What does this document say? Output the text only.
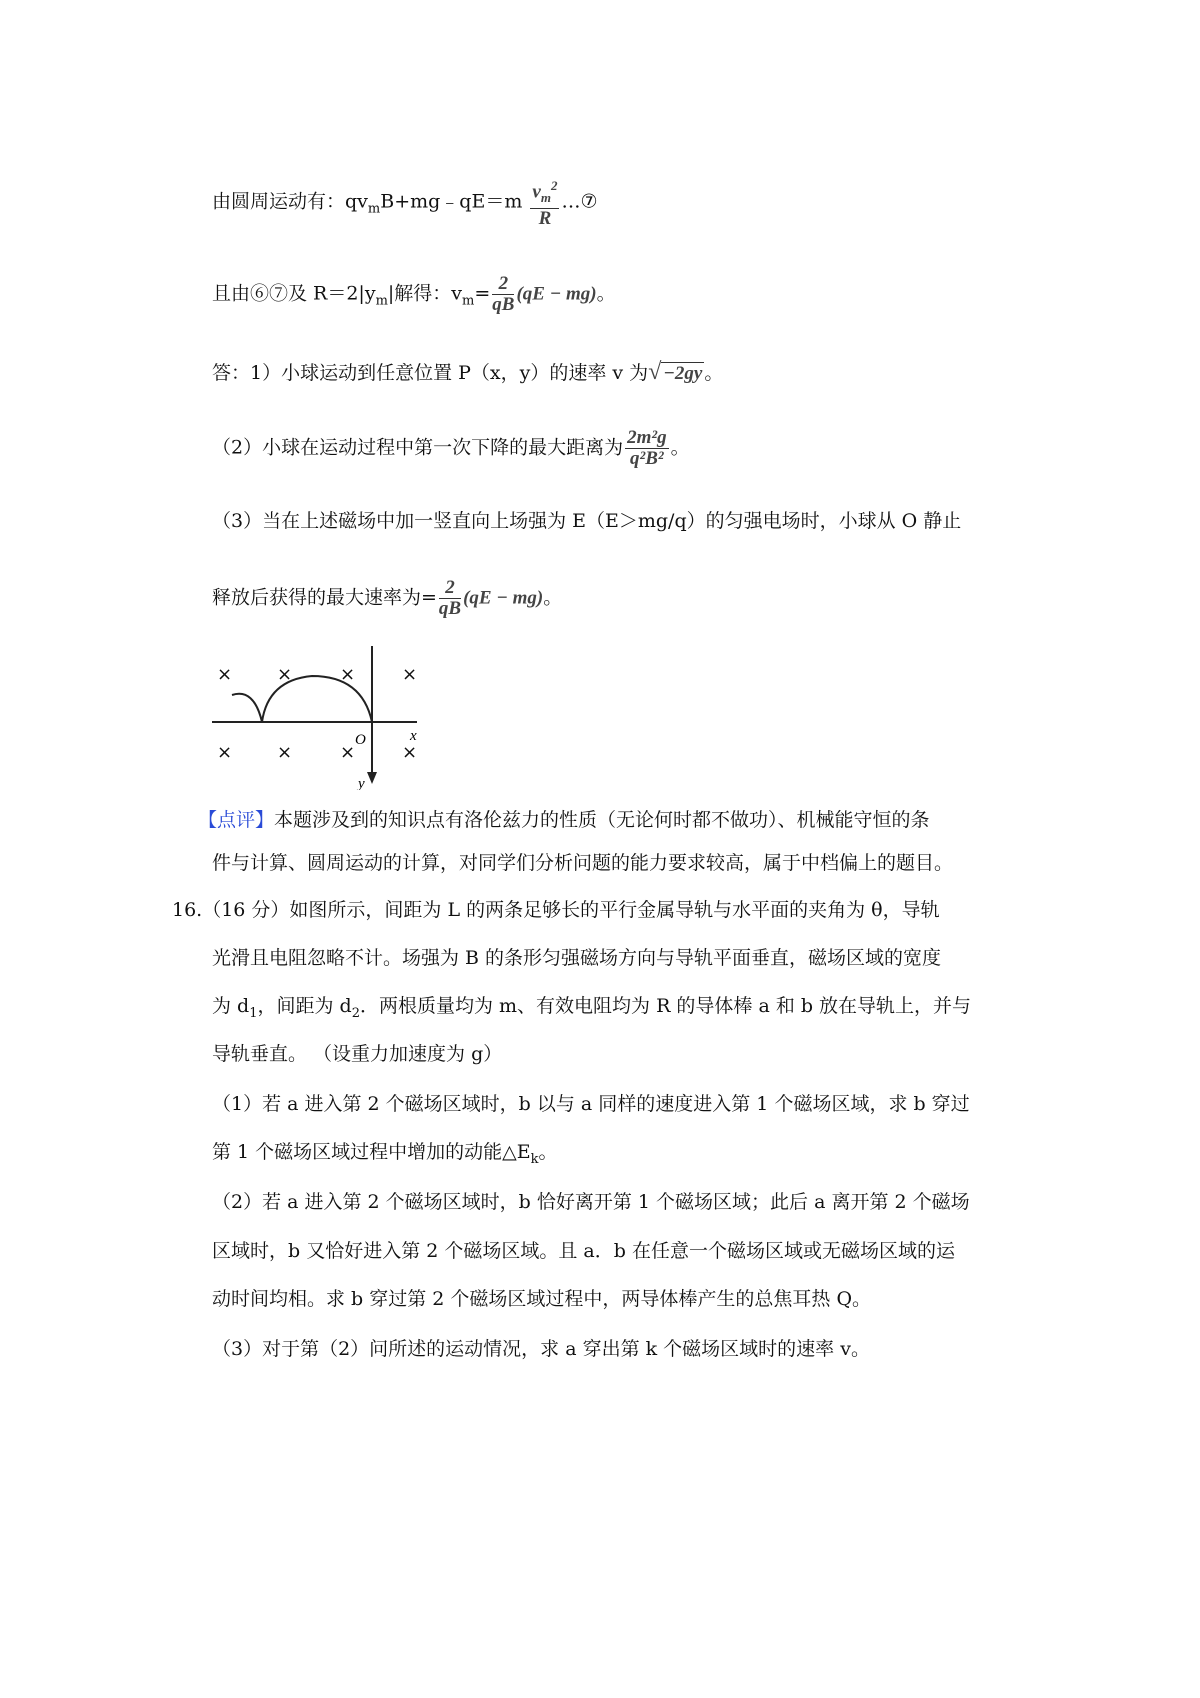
由圆周运动有：$qv_mB+mg﹣qE=m \frac{v_m^2}{R}$ …⑦
且由⑥⑦及 $R=2|y_m|$解得：$v_m= \frac{2}{qB} (qE - mg)$。
答：1）小球运动到任意位置 P（x，y）的速率 v 为√ −2gy 。
（2）小球在运动过程中第一次下降的最大距离为 $\frac{\text{2m²g}}{\text{q²B²}}$ 。
（3）当在上述磁场中加一竖直向上场强为 E（E＞mg/q）的匀强电场时，小球从 O 静止
释放后获得的最大速率为= $\frac{2}{qB} (qE - mg)$。
× ×	×	×
× ×	×	×
O	x
y
【点评】本题涉及到的知识点有洛伦兹力的性质（无论何时都不做功）、机械能守恒的条
件与计算、圆周运动的计算，对同学们分析问题的能力要求较高，属于中档偏上的题目。
16.（16 分）如图所示，间距为 L 的两条足够长的平行金属导轨与水平面的夹角为 θ，导轨
光滑且电阻忽略不计。场强为 B 的条形匀强磁场方向与导轨平面垂直，磁场区域的宽度
为 $d_1$，间距为 $d_2$．两根质量均为 m、有效电阻均为 R 的导体棒 a 和 b 放在导轨上，并与
导轨垂直。 （设重力加速度为 g）
（1）若 a 进入第 2 个磁场区域时，b 以与 a 同样的速度进入第 1 个磁场区域，求 b 穿过
第 1 个磁场区域过程中增加的动能$\triangle E_k$。
（2）若 a 进入第 2 个磁场区域时，b 恰好离开第 1 个磁场区域；此后 a 离开第 2 个磁场
区域时，b 又恰好进入第 2 个磁场区域。且 a．b 在任意一个磁场区域或无磁场区域的运
动时间均相。求 b 穿过第 2 个磁场区域过程中，两导体棒产生的总焦耳热 Q。
（3）对于第（2）问所述的运动情况，求 a 穿出第 k 个磁场区域时的速率 v。
